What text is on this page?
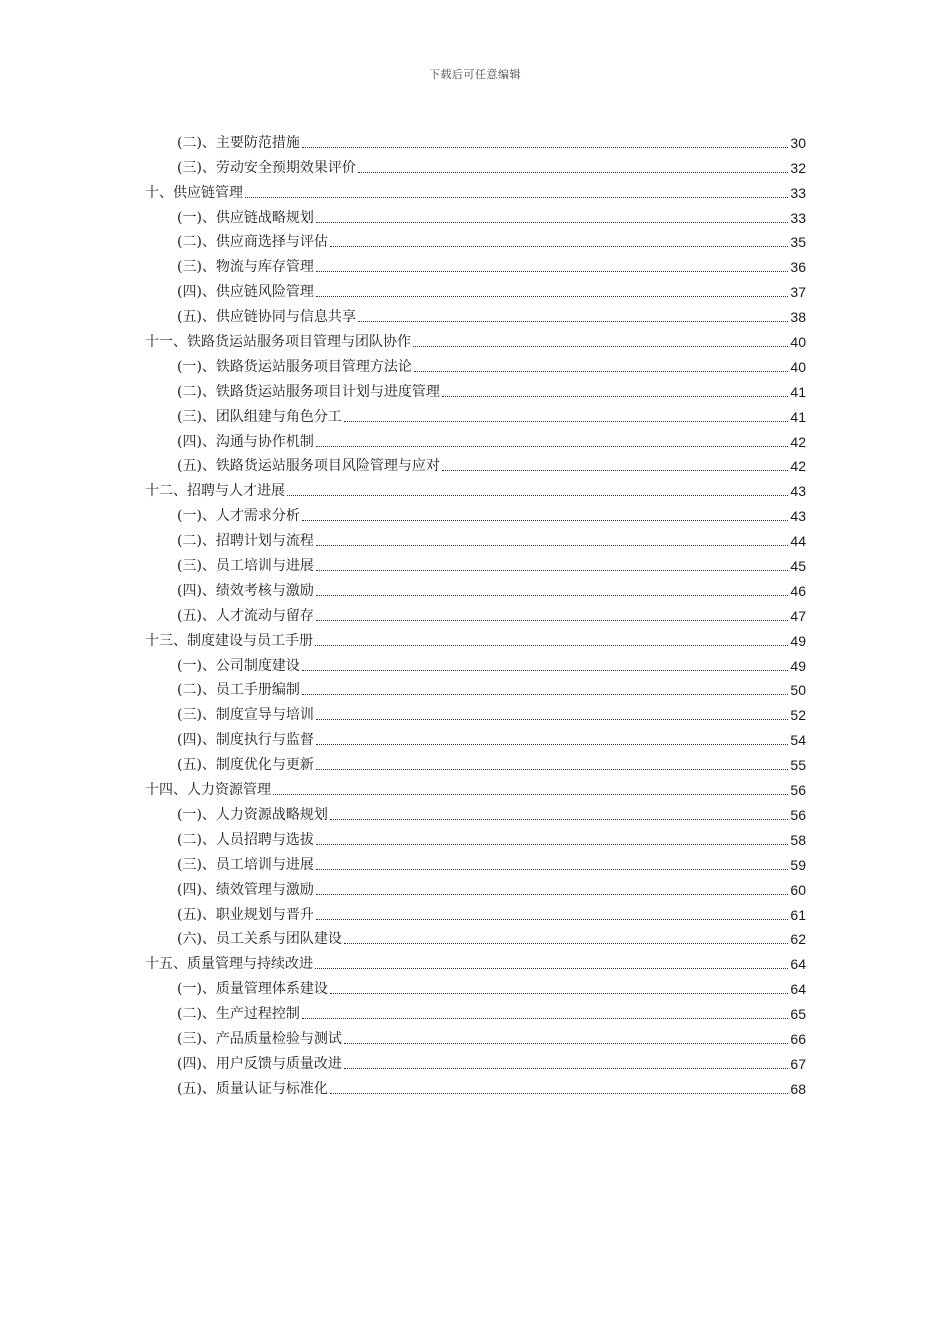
下载后可任意编辑
(二)、主要防范措施	30
(三)、劳动安全预期效果评价	32
十、供应链管理	33
(一)、供应链战略规划	33
(二)、供应商选择与评估	35
(三)、物流与库存管理	36
(四)、供应链风险管理	37
(五)、供应链协同与信息共享	38
十一、铁路货运站服务项目管理与团队协作	40
(一)、铁路货运站服务项目管理方法论	40
(二)、铁路货运站服务项目计划与进度管理	41
(三)、团队组建与角色分工	41
(四)、沟通与协作机制	42
(五)、铁路货运站服务项目风险管理与应对	42
十二、招聘与人才进展	43
(一)、人才需求分析	43
(二)、招聘计划与流程	44
(三)、员工培训与进展	45
(四)、绩效考核与激励	46
(五)、人才流动与留存	47
十三、制度建设与员工手册	49
(一)、公司制度建设	49
(二)、员工手册编制	50
(三)、制度宣导与培训	52
(四)、制度执行与监督	54
(五)、制度优化与更新	55
十四、人力资源管理	56
(一)、人力资源战略规划	56
(二)、人员招聘与选拔	58
(三)、员工培训与进展	59
(四)、绩效管理与激励	60
(五)、职业规划与晋升	61
(六)、员工关系与团队建设	62
十五、质量管理与持续改进	64
(一)、质量管理体系建设	64
(二)、生产过程控制	65
(三)、产品质量检验与测试	66
(四)、用户反馈与质量改进	67
(五)、质量认证与标准化	68
